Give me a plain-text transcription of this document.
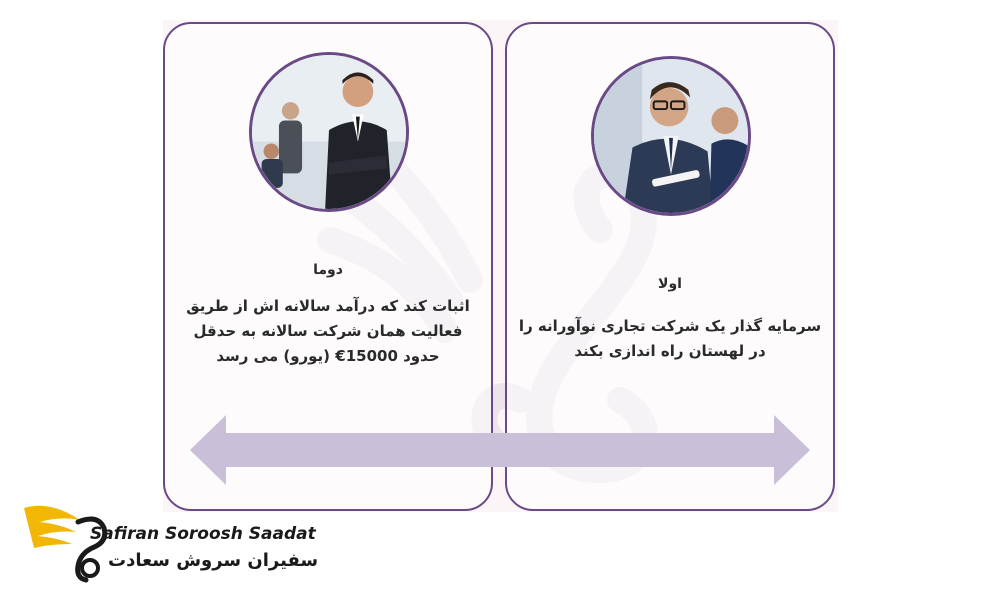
دوما
اثبات کند که درآمد سالانه اش از طریق فعالیت همان شرکت سالانه به حدقل حدود 15000€ (یورو) می رسد
اولا
سرمایه گذار یک شرکت تجاری نوآورانه را در لهستان راه اندازی بکند
Safiran Soroosh Saadat
سفیران سروش سعادت
